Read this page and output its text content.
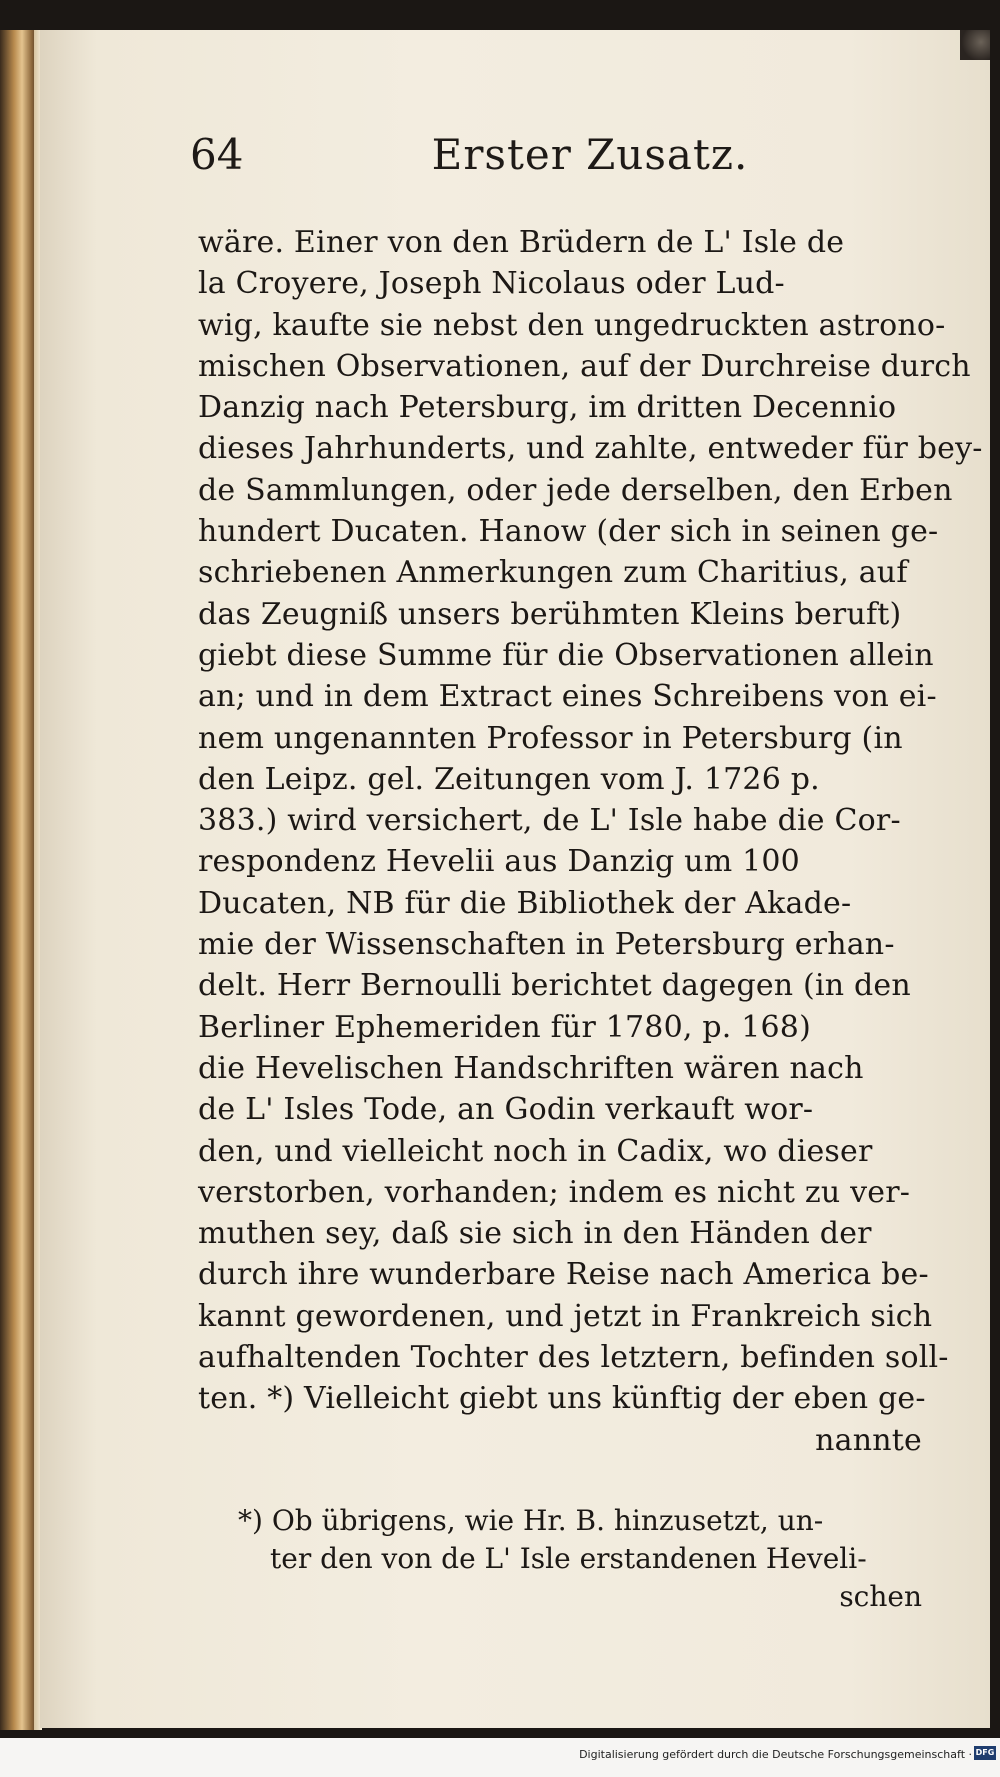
64	Erster Zusatz.
wäre. Einer von den Brüdern de L' Isle de
la Croyere, Joseph Nicolaus oder Lud-
wig, kaufte sie nebst den ungedruckten astrono-
mischen Observationen, auf der Durchreise durch
Danzig nach Petersburg, im dritten Decennio
dieses Jahrhunderts, und zahlte, entweder für bey-
de Sammlungen, oder jede derselben, den Erben
hundert Ducaten. Hanow (der sich in seinen ge-
schriebenen Anmerkungen zum Charitius, auf
das Zeugniß unsers berühmten Kleins beruft)
giebt diese Summe für die Observationen allein
an; und in dem Extract eines Schreibens von ei-
nem ungenannten Professor in Petersburg (in
den Leipz. gel. Zeitungen vom J. 1726 p.
383.) wird versichert, de L' Isle habe die Cor-
respondenz Hevelii aus Danzig um 100
Ducaten, NB für die Bibliothek der Akade-
mie der Wissenschaften in Petersburg erhan-
delt. Herr Bernoulli berichtet dagegen (in den
Berliner Ephemeriden für 1780, p. 168)
die Hevelischen Handschriften wären nach
de L' Isles Tode, an Godin verkauft wor-
den, und vielleicht noch in Cadix, wo dieser
verstorben, vorhanden; indem es nicht zu ver-
muthen sey, daß sie sich in den Händen der
durch ihre wunderbare Reise nach America be-
kannt gewordenen, und jetzt in Frankreich sich
aufhaltenden Tochter des letztern, befinden soll-
ten. *) Vielleicht giebt uns künftig der eben ge-
nannte
*) Ob übrigens, wie Hr. B. hinzusetzt, un-
ter den von de L' Isle erstandenen Heveli-
schen
Digitalisierung gefördert durch die Deutsche Forschungsgemeinschaft · DFG
